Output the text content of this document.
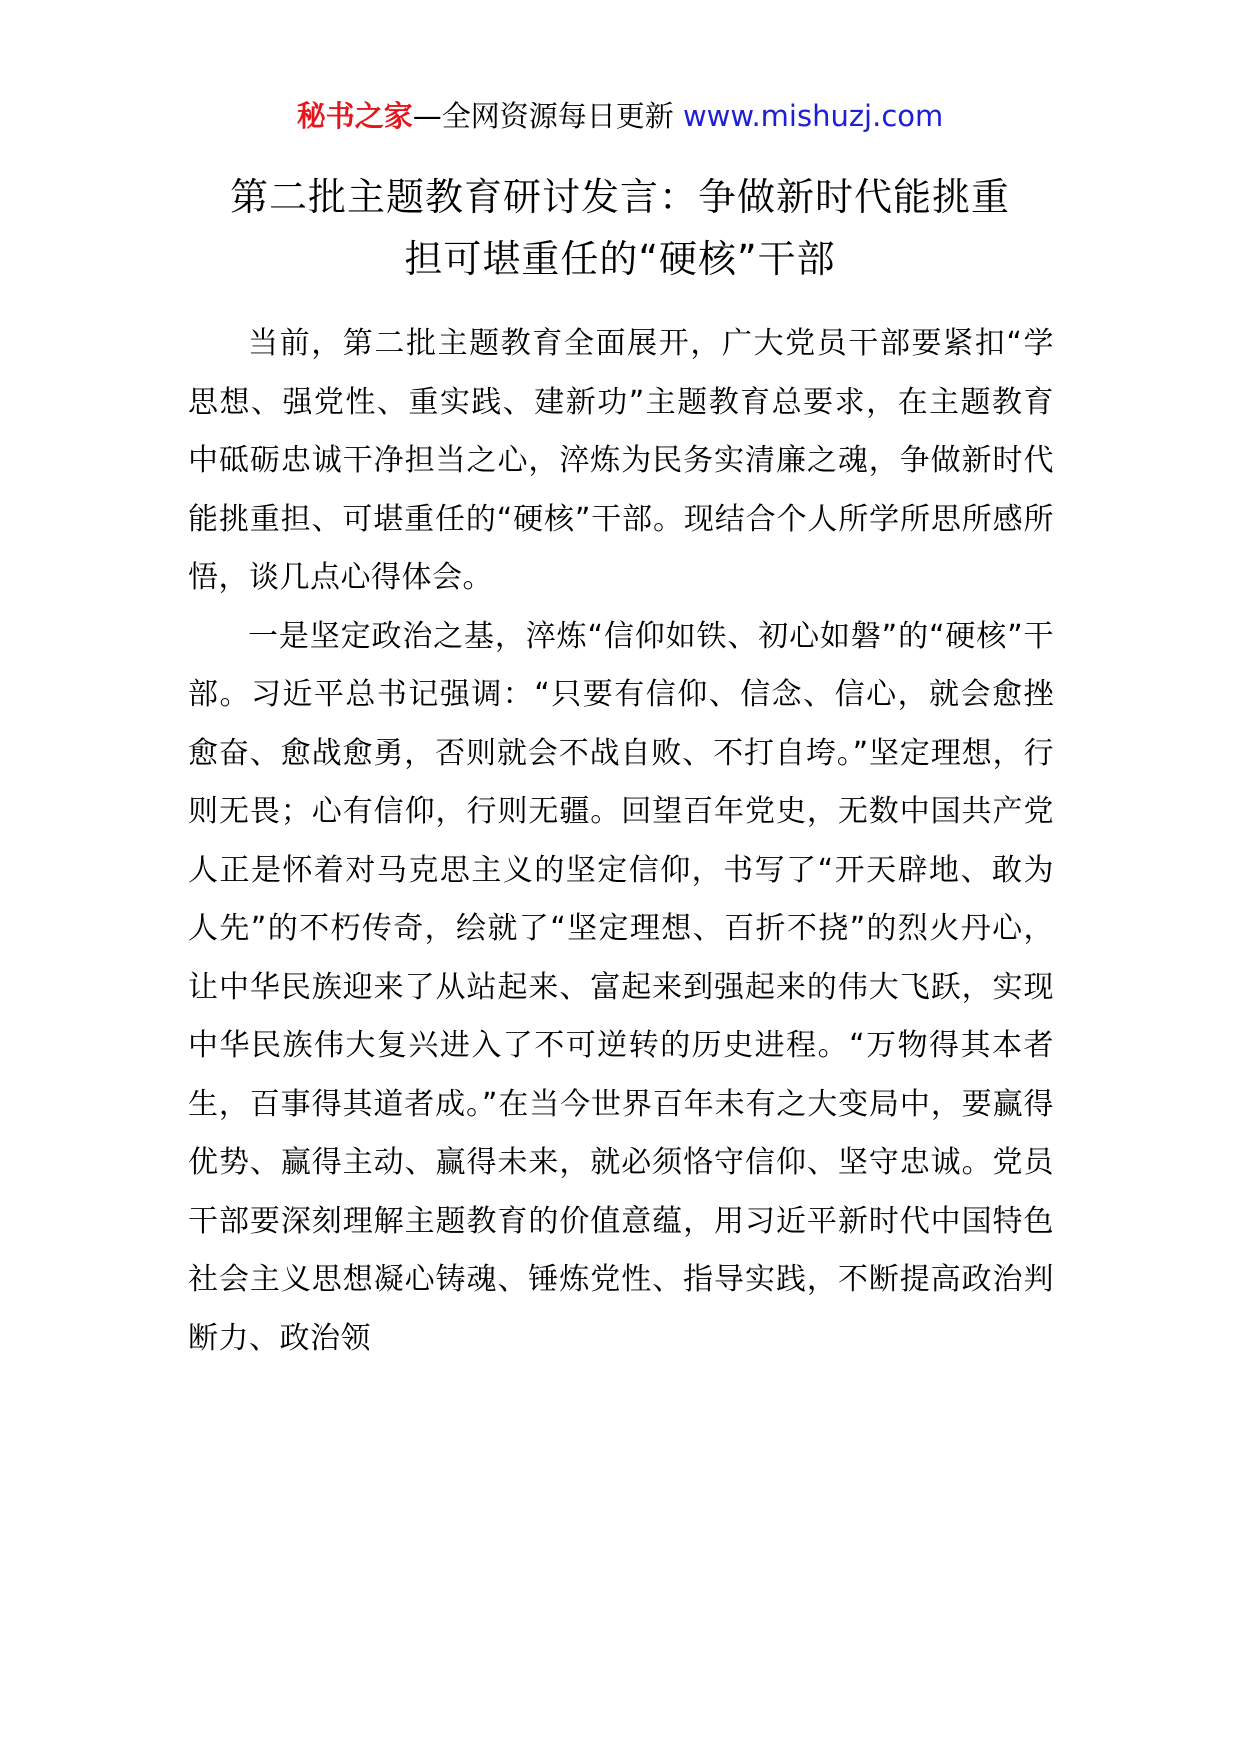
秘书之家—全网资源每日更新 www.mishuzj.com
第二批主题教育研讨发言：争做新时代能挑重
担可堪重任的“硬核”干部

当前，第二批主题教育全面展开，广大党员干部要紧扣“学思想、强党性、重实践、建新功”主题教育总要求，在主题教育中砥砺忠诚干净担当之心，淬炼为民务实清廉之魂，争做新时代能挑重担、可堪重任的“硬核”干部。现结合个人所学所思所感所悟，谈几点心得体会。

一是坚定政治之基，淬炼“信仰如铁、初心如磐”的“硬核”干部。习近平总书记强调：“只要有信仰、信念、信心，就会愈挫愈奋、愈战愈勇，否则就会不战自败、不打自垮。”坚定理想，行则无畏；心有信仰，行则无疆。回望百年党史，无数中国共产党人正是怀着对马克思主义的坚定信仰，书写了“开天辟地、敢为人先”的不朽传奇，绘就了“坚定理想、百折不挠”的烈火丹心，让中华民族迎来了从站起来、富起来到强起来的伟大飞跃，实现中华民族伟大复兴进入了不可逆转的历史进程。“万物得其本者生，百事得其道者成。”在当今世界百年未有之大变局中，要赢得优势、赢得主动、赢得未来，就必须恪守信仰、坚守忠诚。党员干部要深刻理解主题教育的价值意蕴，用习近平新时代中国特色社会主义思想凝心铸魂、锤炼党性、指导实践，不断提高政治判断力、政治领
